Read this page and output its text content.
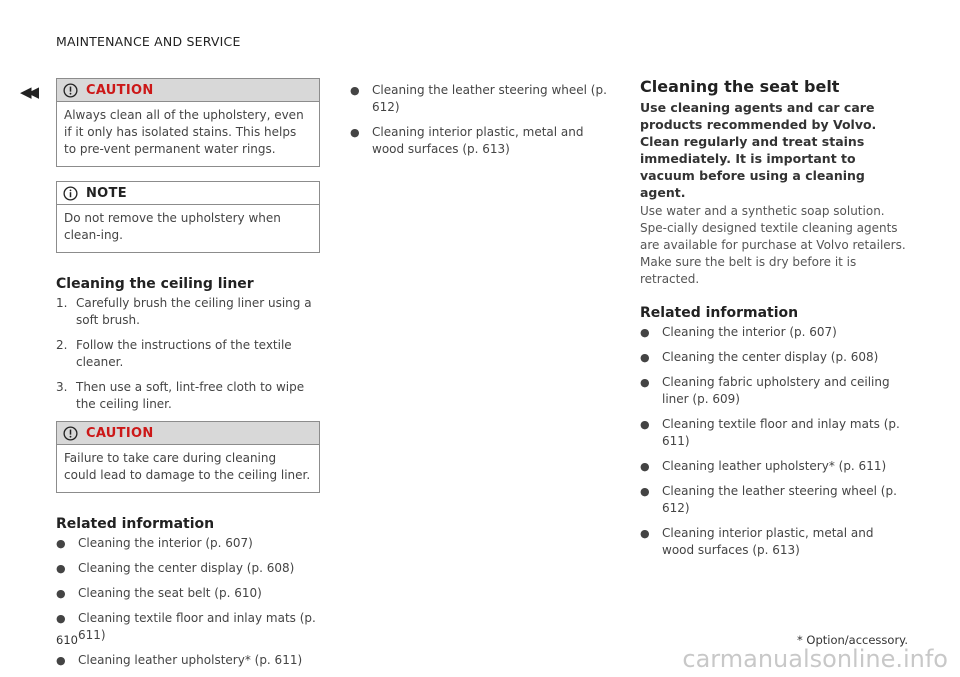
MAINTENANCE AND SERVICE
◀◀	CAUTION
Always clean all of the upholstery, even if it only has isolated stains. This helps to pre-vent permanent water rings.
NOTE
Do not remove the upholstery when clean-ing.
Cleaning the ceiling liner
1. Carefully brush the ceiling liner using a soft brush.
2. Follow the instructions of the textile cleaner.
3. Then use a soft, lint-free cloth to wipe the ceiling liner.
CAUTION
Failure to take care during cleaning could lead to damage to the ceiling liner.
Related information
●	Cleaning the interior (p. 607)
●	Cleaning the center display (p. 608)
●	Cleaning the seat belt (p. 610)
●	Cleaning textile floor and inlay mats (p. 611)
●	Cleaning leather upholstery* (p. 611)
●	Cleaning the leather steering wheel (p. 612)
●	Cleaning interior plastic, metal and wood surfaces (p. 613)
Cleaning the seat belt
Use cleaning agents and car care products recommended by Volvo. Clean regularly and treat stains immediately. It is important to vacuum before using a cleaning agent.
Use water and a synthetic soap solution. Spe-cially designed textile cleaning agents are available for purchase at Volvo retailers. Make sure the belt is dry before it is retracted.
Related information
●	Cleaning the interior (p. 607)
●	Cleaning the center display (p. 608)
●	Cleaning fabric upholstery and ceiling liner (p. 609)
●	Cleaning textile floor and inlay mats (p. 611)
●	Cleaning leather upholstery* (p. 611)
●	Cleaning the leather steering wheel (p. 612)
●	Cleaning interior plastic, metal and wood surfaces (p. 613)
610	* Option/accessory.
carmanualsonline.info
